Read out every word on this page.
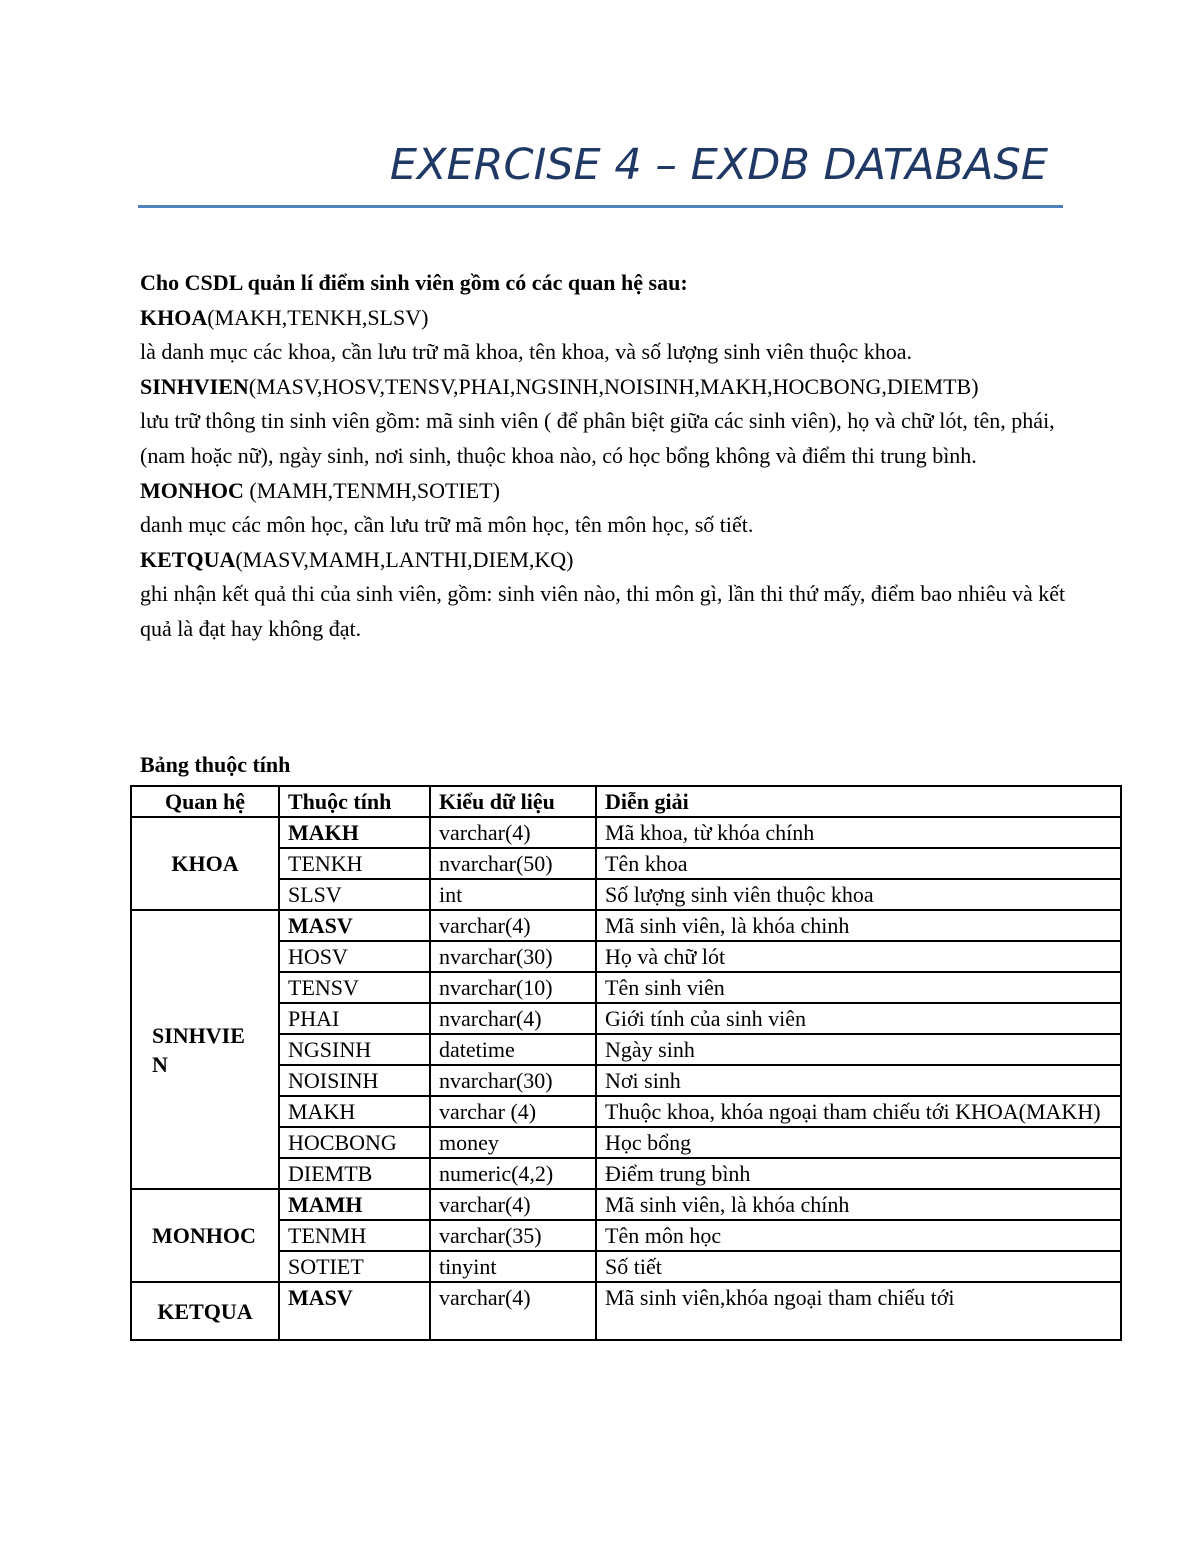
EXERCISE 4 – EXDB DATABASE

Cho CSDL quản lí điểm sinh viên gồm có các quan hệ sau:

KHOA(MAKH,TENKH,SLSV)

là danh mục các khoa, cần lưu trữ mã khoa, tên khoa, và số lượng sinh viên thuộc khoa.

SINHVIEN(MASV,HOSV,TENSV,PHAI,NGSINH,NOISINH,MAKH,HOCBONG,DIEMTB)

lưu trữ thông tin sinh viên gồm: mã sinh viên ( để phân biệt giữa các sinh viên), họ và chữ lót, tên, phái,(nam hoặc nữ), ngày sinh, nơi sinh, thuộc khoa nào, có học bổng không và điểm thi trung bình.

MONHOC (MAMH,TENMH,SOTIET)

danh mục các môn học, cần lưu trữ mã môn học, tên môn học, số tiết.

KETQUA(MASV,MAMH,LANTHI,DIEM,KQ)

ghi nhận kết quả thi của sinh viên, gồm: sinh viên nào, thi môn gì, lần thi thứ mấy, điểm bao nhiêu và kết quả là đạt hay không đạt.

Bảng thuộc tính
Quan hệ	Thuộc tính	Kiểu dữ liệu	Diễn giải
KHOA	MAKH	varchar(4)	Mã khoa, từ khóa chính
	TENKH	nvarchar(50)	Tên khoa
	SLSV	int	Số lượng sinh viên thuộc khoa

SINHVIEN	MASV	varchar(4)	Mã sinh viên, là khóa chinh
	HOSV	nvarchar(30)	Họ và chữ lót
	TENSV	nvarchar(10)	Tên sinh viên
	PHAI	nvarchar(4)	Giới tính của sinh viên
	NGSINH	datetime	Ngày sinh
	NOISINH	nvarchar(30)	Nơi sinh
	MAKH	varchar (4)	Thuộc khoa, khóa ngoại tham chiếu tới KHOA(MAKH)

	HOCBONG	money	Học bổng
	DIEMTB	numeric(4,2)	Điểm trung bình

MONHOC	MAMH	varchar(4)	Mã sinh viên, là khóa chính
	TENMH	varchar(35)	Tên môn học
	SOTIET	tinyint	Số tiết
KETQUA	MASV	varchar(4)	Mã sinh viên,khóa ngoại tham chiếu tới
